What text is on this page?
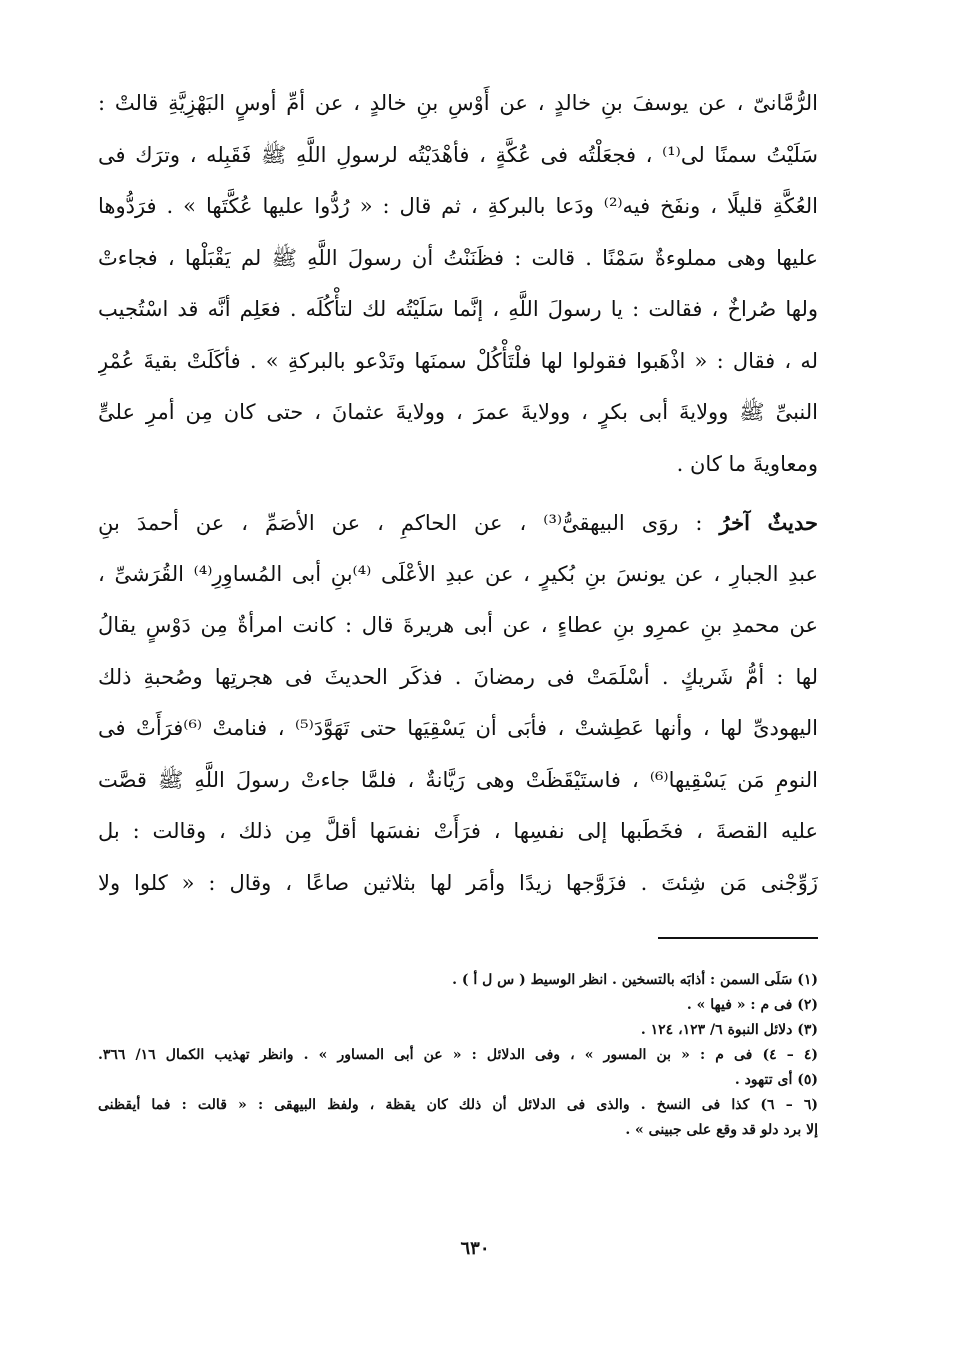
الرُّمَّانىّ ، عن يوسفَ بنِ خالدٍ ، عن أَوْسِ بنِ خالدٍ ، عن أمِّ أوسٍ البَهْزِيَّةِ قالتْ :
سَلَيْتُ سمنًا لى⁽¹⁾ ، فجعَلْتُه فى عُكَّةٍ ، فأهْدَيْتُه لرسولِ اللَّهِ ﷺ فَقَبِله ، وترَك فى
العُكَّةِ قليلًا ، ونفَخ فيه⁽²⁾ ودَعا بالبركةِ ، ثم قال : « رُدُّوا عليها عُكَّتَها » . فرَدُّوها
عليها وهى مملوءةٌ سَمْنًا . قالت : فظَنَنْتُ أن رسولَ اللَّهِ ﷺ لم يَقْبَلْها ، فجاءتْ
ولها صُراخٌ ، فقالت : يا رسولَ اللَّهِ ، إنَّما سَلَيْتُه لك لتأْكُلَه . فعَلِم أنَّه قد اسْتُجيب
له ، فقال : « اذْهَبوا فقولوا لها فلْتَأْكُلْ سمنَها وتَدْعو بالبركةِ » . فأكَلَتْ بقيةَ عُمْرِ
النبىِّ ﷺ وولايةَ أبى بكرٍ ، وولايةَ عمرَ ، وولايةَ عثمانَ ، حتى كان مِن أمرِ علىٍّ
ومعاويةَ ما كان .
حديثٌ آخرُ : روَى البيهقىُّ⁽³⁾ ، عن الحاكمِ ، عن الأصَمِّ ، عن أحمدَ بنِ
عبدِ الجبارِ ، عن يونسَ بنِ بُكيرٍ ، عن عبدِ الأعْلَى ⁽⁴⁾بنِ أبى المُساوِرِ⁽⁴⁾ القُرَشىِّ ،
عن محمدِ بنِ عمرِو بنِ عطاءٍ ، عن أبى هريرةَ قال : كانت امرأةٌ مِن دَوْسٍ يقالُ
لها : أمُّ شَريكٍ . أسْلَمَتْ فى رمضانَ . فذكَر الحديثَ فى هجرتِها وصُحبةِ ذلك
اليهودىِّ لها ، وأنها عَطِشتْ ، فأبَى أن يَسْقِيَها حتى تَهَوَّدَ⁽⁵⁾ ، فنامتْ ⁽⁶⁾فرَأَتْ فى
النومِ مَن يَسْقِيها⁽⁶⁾ ، فاستَيْقَظَتْ وهى رَيَّانةٌ ، فلمَّا جاءتْ رسولَ اللَّهِ ﷺ قصَّت
عليه القصةَ ، فخَطَبها إلى نفسِها ، فرَأَتْ نفسَها أقلَّ مِن ذلك ، وقالت : بل
زَوِّجْنى مَن شِئتَ . فزَوَّجها زيدًا وأمَر لها بثلاثين صاعًا ، وقال : « كلوا ولا
(١) سَلَى السمن : أذابَه بالتسخين . انظر الوسيط ( س ل أ ) .
(٢) فى م : « فيها » .
(٣) دلائل النبوة ٦/ ١٢٣، ١٢٤ .
(٤ – ٤) فى م : « بن المسور » ، وفى الدلائل : « عن أبى المساور » . وانظر تهذيب الكمال ١٦/ ٣٦٦.
(٥) أى تتهود .
(٦ – ٦) كذا فى النسخ . والذى فى الدلائل أن ذلك كان يقظة ، ولفظ البيهقى : « قالت : فما أيقظنى
إلا برد دلو قد وقع على جبينى » .
٦٣٠
